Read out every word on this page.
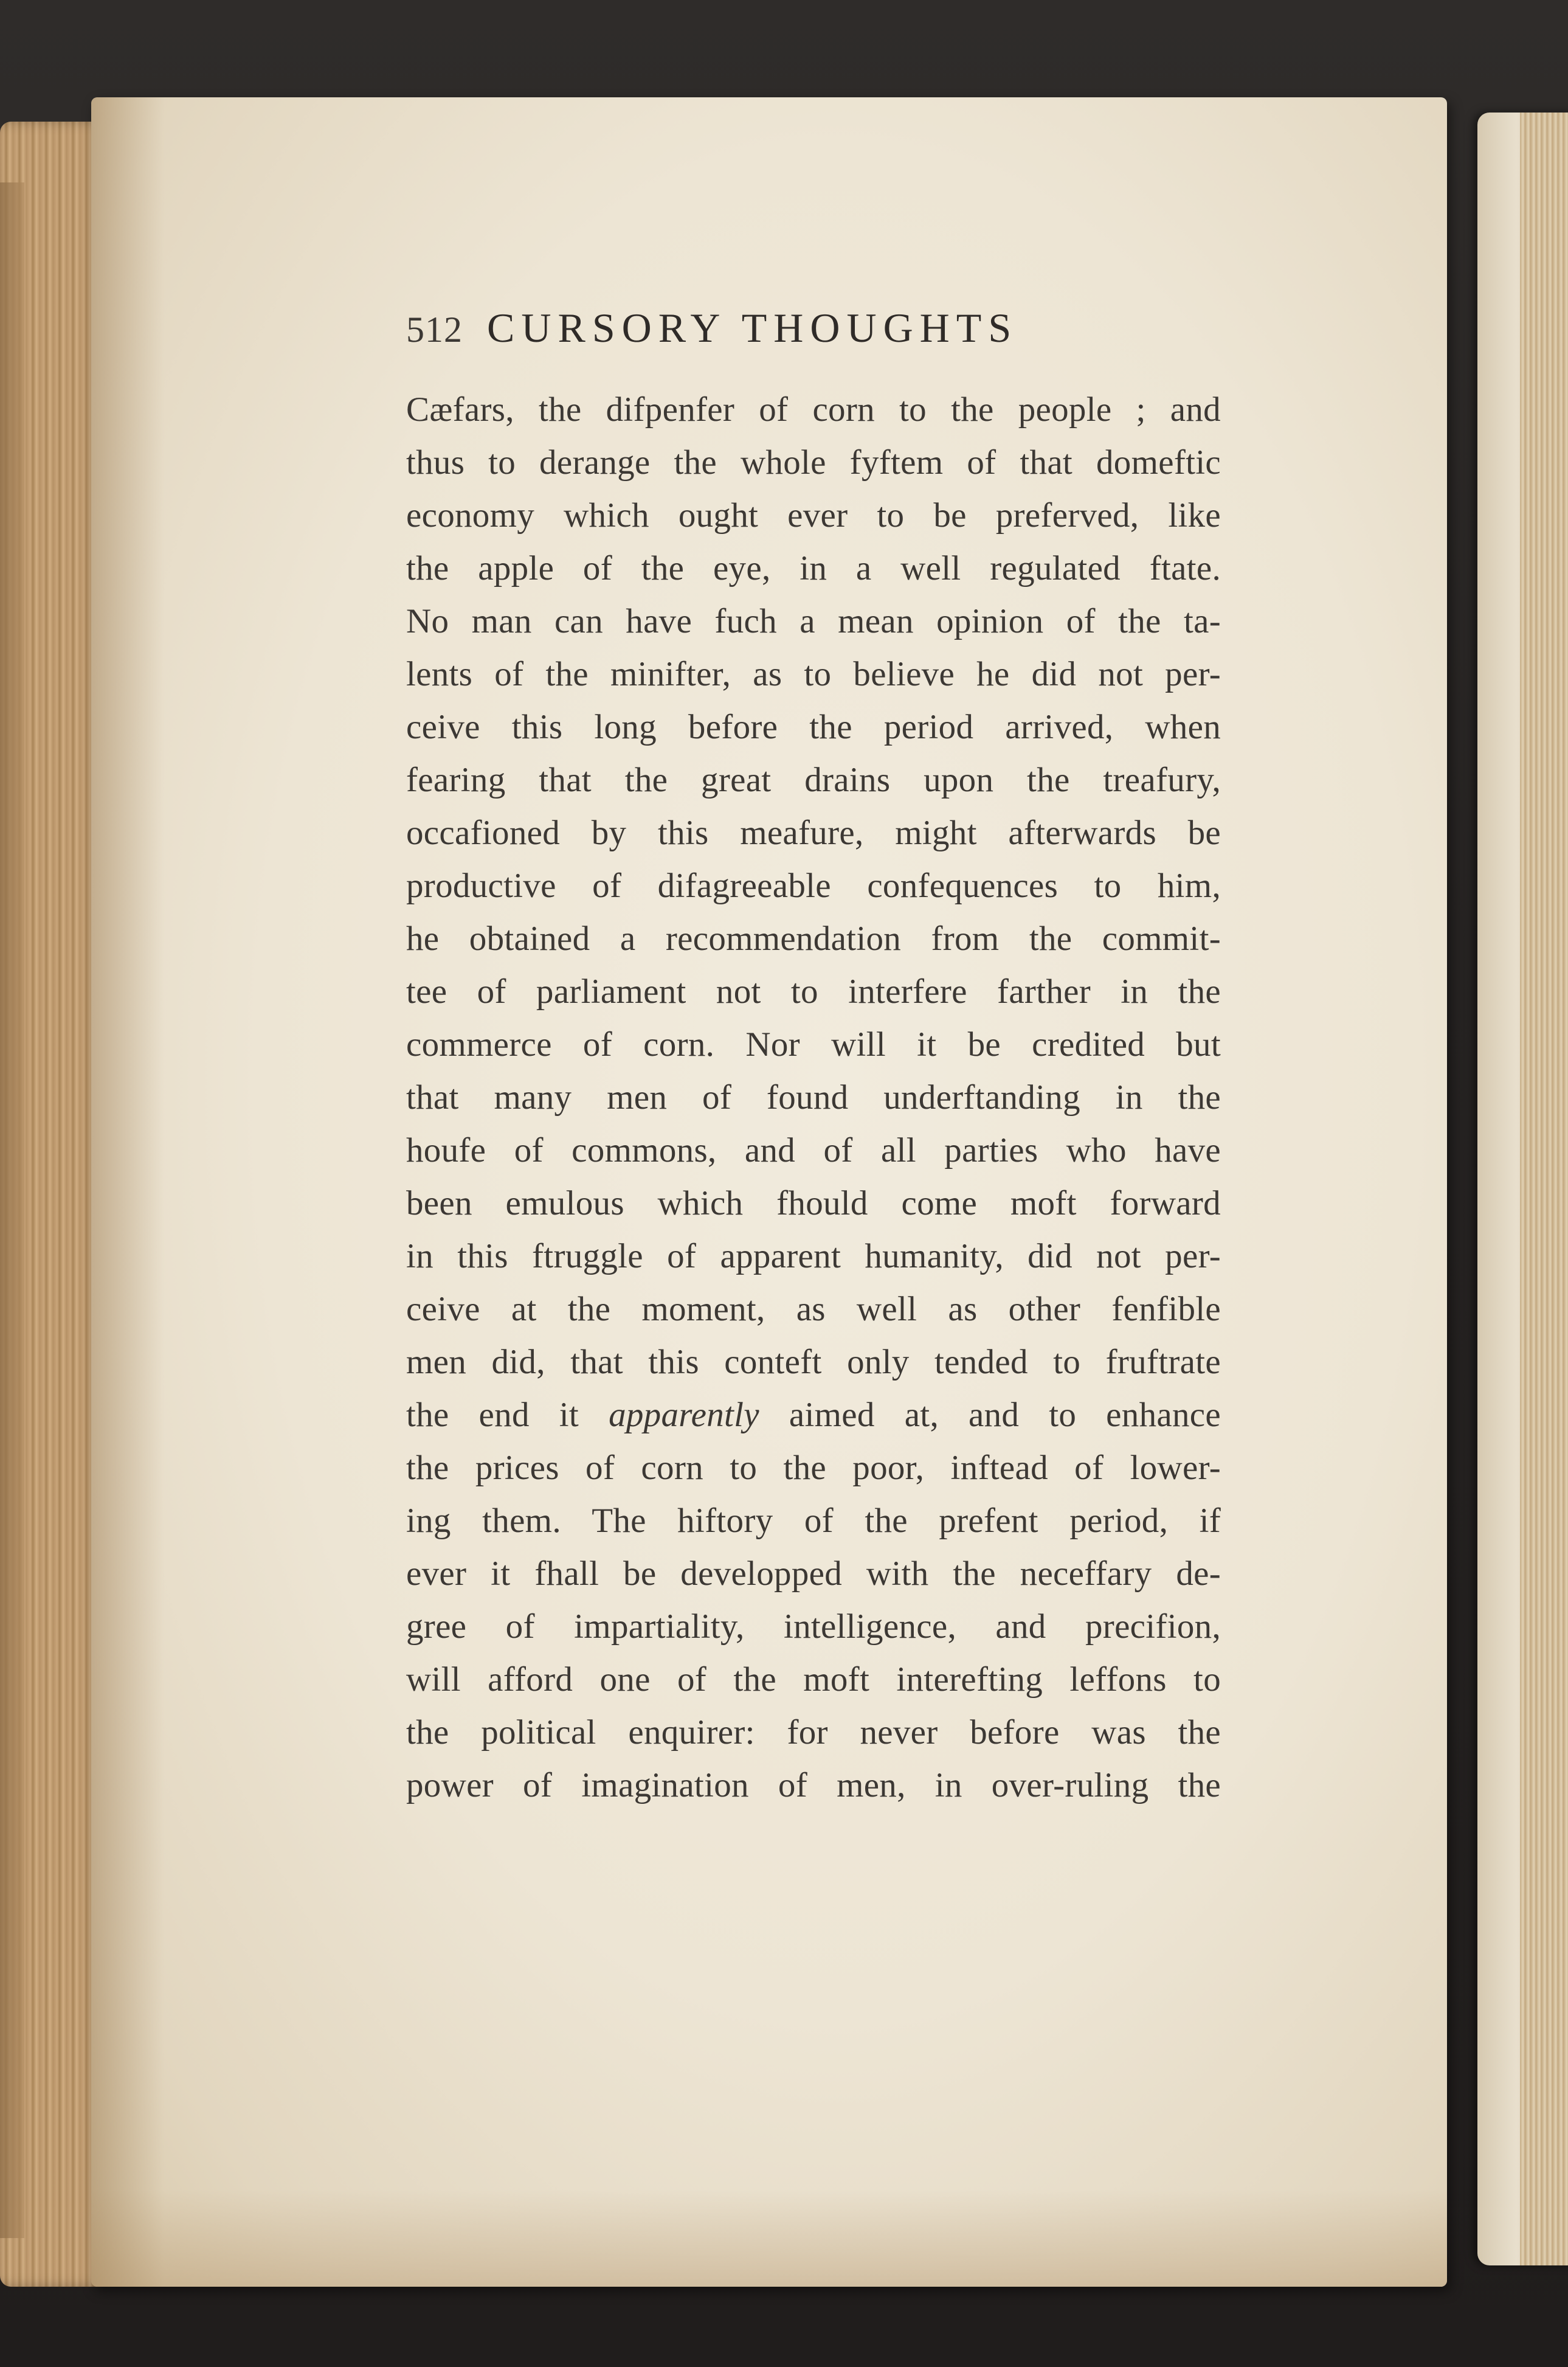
512 CURSORY THOUGHTS
Cæfars, the difpenfer of corn to the people ; and
thus to derange the whole fyftem of that domeftic
economy which ought ever to be preferved, like
the apple of the eye, in a well regulated ftate.
No man can have fuch a mean opinion of the ta-
lents of the minifter, as to believe he did not per-
ceive this long before the period arrived, when
fearing that the great drains upon the treafury,
occafioned by this meafure, might afterwards be
productive of difagreeable confequences to him,
he obtained a recommendation from the commit-
tee of parliament not to interfere farther in the
commerce of corn. Nor will it be credited but
that many men of found underftanding in the
houfe of commons, and of all parties who have
been emulous which fhould come moft forward
in this ftruggle of apparent humanity, did not per-
ceive at the moment, as well as other fenfible
men did, that this conteft only tended to fruftrate
the end it apparently aimed at, and to enhance
the prices of corn to the poor, inftead of lower-
ing them. The hiftory of the prefent period, if
ever it fhall be developped with the neceffary de-
gree of impartiality, intelligence, and precifion,
will afford one of the moft interefting leffons to
the political enquirer: for never before was the
power of imagination of men, in over-ruling the
